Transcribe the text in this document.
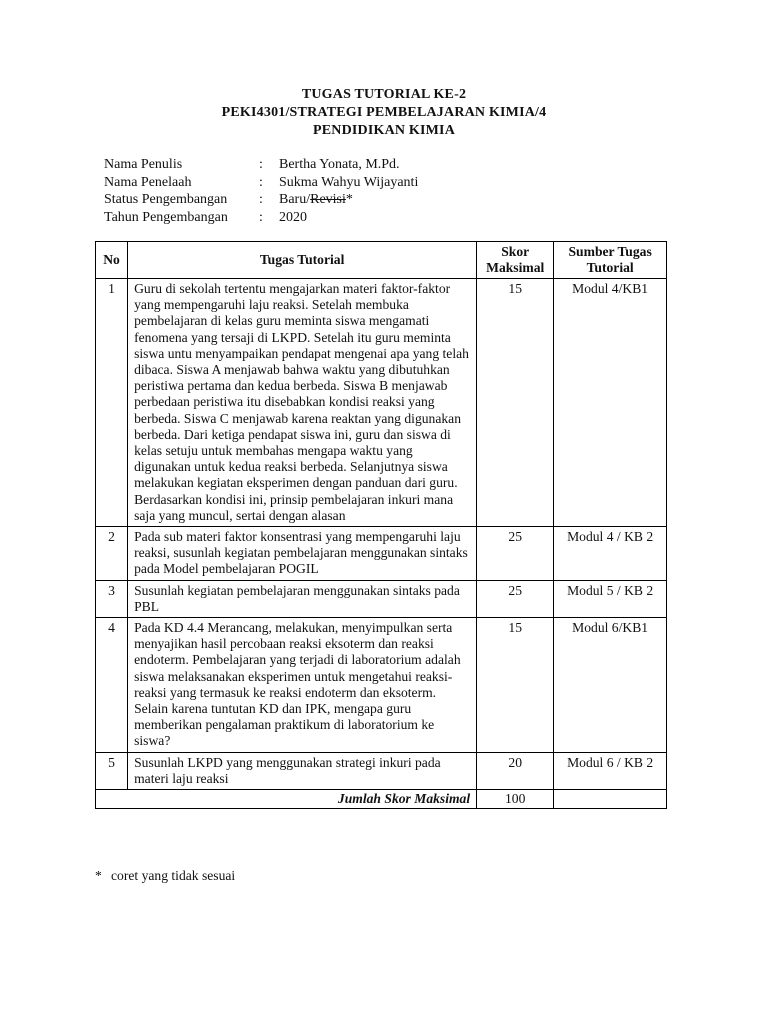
TUGAS TUTORIAL KE-2
PEKI4301/STRATEGI PEMBELAJARAN KIMIA/4
PENDIDIKAN KIMIA
Nama Penulis	:	Bertha Yonata, M.Pd.
Nama Penelaah	:	Sukma Wahyu Wijayanti
Status Pengembangan	:	Baru/Revisi*
Tahun Pengembangan	:	2020
No	Tugas Tutorial	Skor Maksimal	Sumber Tugas Tutorial
1	Guru di sekolah tertentu mengajarkan materi faktor-faktor yang mempengaruhi laju reaksi. Setelah membuka pembelajaran di kelas guru meminta siswa mengamati fenomena yang tersaji di LKPD. Setelah itu guru meminta siswa untu menyampaikan pendapat mengenai apa yang telah dibaca. Siswa A menjawab bahwa waktu yang dibutuhkan peristiwa pertama dan kedua berbeda. Siswa B menjawab perbedaan peristiwa itu disebabkan kondisi reaksi yang berbeda. Siswa C menjawab karena reaktan yang digunakan berbeda. Dari ketiga pendapat siswa ini, guru dan siswa di kelas setuju untuk membahas mengapa waktu yang digunakan untuk kedua reaksi berbeda. Selanjutnya siswa melakukan kegiatan eksperimen dengan panduan dari guru. Berdasarkan kondisi ini, prinsip pembelajaran inkuri mana saja yang muncul, sertai dengan alasan	15	Modul 4/KB1
2	Pada sub materi faktor konsentrasi yang mempengaruhi laju reaksi, susunlah kegiatan pembelajaran menggunakan sintaks pada Model pembelajaran POGIL	25	Modul 4 / KB 2
3	Susunlah kegiatan pembelajaran menggunakan sintaks pada PBL	25	Modul 5 / KB 2
4	Pada KD 4.4 Merancang, melakukan, menyimpulkan serta menyajikan hasil percobaan reaksi eksoterm dan reaksi endoterm. Pembelajaran yang terjadi di laboratorium adalah siswa melaksanakan eksperimen untuk mengetahui reaksi-reaksi yang termasuk ke reaksi endoterm dan eksoterm. Selain karena tuntutan KD dan IPK, mengapa guru memberikan pengalaman praktikum di laboratorium ke siswa?	15	Modul 6/KB1
5	Susunlah LKPD yang menggunakan strategi inkuri pada materi laju reaksi	20	Modul 6 / KB 2
Jumlah Skor Maksimal		100	
* coret yang tidak sesuai
